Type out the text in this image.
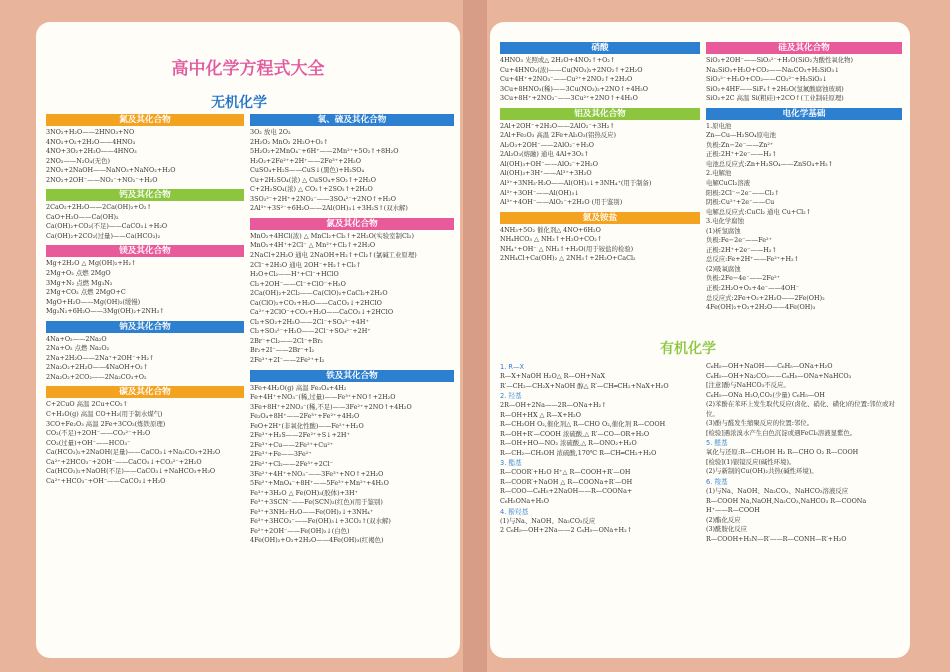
高中化学方程式大全
无机化学
氮及其化合物
3NO₂+H₂O——2HNO₃+NO
4NO₂+O₂+2H₂O——4HNO₃
4NO+3O₂+2H₂O——4HNO₃
2NO₂——N₂O₄(无色)
2NO₂+2NaOH——NaNO₃+NaNO₂+H₂O
2NO₂+2OH⁻——NO₃⁻+NO₂⁻+H₂O
钙及其化合物
2CaO₂+2H₂O——2Ca(OH)₂+O₂↑
CaO+H₂O——Ca(OH)₂
Ca(OH)₂+CO₂(不足)——CaCO₃↓+H₂O
Ca(OH)₂+2CO₂(过量)——Ca(HCO₃)₂
镁及其化合物
Mg+2H₂O △ Mg(OH)₂+H₂↑
2Mg+O₂ 点燃 2MgO
3Mg+N₂ 点燃 Mg₃N₂
2Mg+CO₂ 点燃 2MgO+C
MgO+H₂O——Mg(OH)₂(缓慢)
Mg₃N₂+6H₂O——3Mg(OH)₂+2NH₃↑
钠及其化合物
4Na+O₂——2Na₂O
2Na+O₂ 点燃 Na₂O₂
2Na+2H₂O——2Na⁺+2OH⁻+H₂↑
2Na₂O₂+2H₂O——4NaOH+O₂↑
2Na₂O₂+2CO₂——2Na₂CO₃+O₂
碳及其化合物
C+2CuO 高温 2Cu+CO₂↑
C+H₂O(g) 高温 CO+H₂(用于制水煤气)
3CO+Fe₂O₃ 高温 2Fe+3CO₂(炼铁原理)
CO₂(不足)+2OH⁻——CO₃²⁻+H₂O
CO₂(过量)+OH⁻——HCO₃⁻
Ca(HCO₃)₂+2NaOH(足量)——CaCO₃↓+Na₂CO₃+2H₂O
Ca²⁺+2HCO₃⁻+2OH⁻——CaCO₃↓+CO₃²⁻+2H₂O
Ca(HCO₃)₂+NaOH(不足)——CaCO₃↓+NaHCO₃+H₂O
Ca²⁺+HCO₃⁻+OH⁻——CaCO₃↓+H₂O
氧、硫及其化合物
3O₂ 放电 2O₃
2H₂O₂ MnO₂ 2H₂O+O₂↑
5H₂O₂+2MnO₄⁻+6H⁺——2Mn²⁺+5O₂↑+8H₂O
H₂O₂+2Fe²⁺+2H⁺——2Fe³⁺+2H₂O
CuSO₄+H₂S——CuS↓(黑色)+H₂SO₄
Cu+2H₂SO₄(浓) △ CuSO₄+SO₂↑+2H₂O
C+2H₂SO₄(浓) △ CO₂↑+2SO₂↑+2H₂O
3SO₃²⁻+2H⁺+2NO₃⁻——3SO₄²⁻+2NO↑+H₂O
2Al³⁺+3S²⁻+6H₂O——2Al(OH)₃↓+3H₂S↑(双水解)
氯及其化合物
MnO₂+4HCl(浓) △ MnCl₂+Cl₂↑+2H₂O(实验室制Cl₂)
MnO₂+4H⁺+2Cl⁻ △ Mn²⁺+Cl₂↑+2H₂O
2NaCl+2H₂O 通电 2NaOH+H₂↑+Cl₂↑(氯碱工业原理)
2Cl⁻+2H₂O 通电 2OH⁻+H₂↑+Cl₂↑
H₂O+Cl₂——H⁺+Cl⁻+HClO
Cl₂+2OH⁻——Cl⁻+ClO⁻+H₂O
2Ca(OH)₂+2Cl₂——Ca(ClO)₂+CaCl₂+2H₂O
Ca(ClO)₂+CO₂+H₂O——CaCO₃↓+2HClO
Ca²⁺+2ClO⁻+CO₂+H₂O——CaCO₃↓+2HClO
Cl₂+SO₂+2H₂O——2Cl⁻+SO₄²⁻+4H⁺
Cl₂+SO₃²⁻+H₂O——2Cl⁻+SO₄²⁻+2H⁺
2Br⁻+Cl₂——2Cl⁻+Br₂
Br₂+2I⁻——2Br⁻+I₂
2Fe³⁺+2I⁻——2Fe²⁺+I₂
铁及其化合物
3Fe+4H₂O(g) 高温 Fe₃O₄+4H₂
Fe+4H⁺+NO₃⁻(稀,过量)——Fe³⁺+NO↑+2H₂O
3Fe+8H⁺+2NO₃⁻(稀,不足)——3Fe²⁺+2NO↑+4H₂O
Fe₃O₄+8H⁺——2Fe³⁺+Fe²⁺+4H₂O
FeO+2H⁺(非氧化性酸)——Fe²⁺+H₂O
2Fe³⁺+H₂S——2Fe²⁺+S↓+2H⁺
2Fe³⁺+Cu——2Fe²⁺+Cu²⁺
2Fe³⁺+Fe——3Fe²⁺
2Fe²⁺+Cl₂——2Fe³⁺+2Cl⁻
3Fe²⁺+4H⁺+NO₃⁻——3Fe³⁺+NO↑+2H₂O
5Fe²⁺+MnO₄⁻+8H⁺——5Fe³⁺+Mn²⁺+4H₂O
Fe³⁺+3H₂O △ Fe(OH)₃(胶体)+3H⁺
Fe³⁺+3SCN⁻——Fe(SCN)₃(红色)(用于鉴别)
Fe³⁺+3NH₃·H₂O——Fe(OH)₃↓+3NH₄⁺
Fe³⁺+3HCO₃⁻——Fe(OH)₃↓+3CO₂↑(双水解)
Fe²⁺+2OH⁻——Fe(OH)₂↓(白色)
4Fe(OH)₂+O₂+2H₂O——4Fe(OH)₃(红褐色)
硝酸
4HNO₃ 光照或△ 2H₂O+4NO₂↑+O₂↑
Cu+4HNO₃(浓)——Cu(NO₃)₂+2NO₂↑+2H₂O
Cu+4H⁺+2NO₃⁻——Cu²⁺+2NO₂↑+2H₂O
3Cu+8HNO₃(稀)——3Cu(NO₃)₂+2NO↑+4H₂O
3Cu+8H⁺+2NO₃⁻——3Cu²⁺+2NO↑+4H₂O
铝及其化合物
2Al+2OH⁻+2H₂O——2AlO₂⁻+3H₂↑
2Al+Fe₂O₃ 高温 2Fe+Al₂O₃(铝热反应)
Al₂O₃+2OH⁻——2AlO₂⁻+H₂O
2Al₂O₃(熔融) 通电 4Al+3O₂↑
Al(OH)₃+OH⁻——AlO₂⁻+2H₂O
Al(OH)₃+3H⁺——Al³⁺+3H₂O
Al³⁺+3NH₃·H₂O——Al(OH)₃↓+3NH₄⁺(用于制备)
Al³⁺+3OH⁻——Al(OH)₃↓
Al³⁺+4OH⁻——AlO₂⁻+2H₂O (用于鉴别)
氨及铵盐
4NH₃+5O₂ 催化剂△ 4NO+6H₂O
NH₄HCO₃ △ NH₃↑+H₂O+CO₂↑
NH₄⁺+OH⁻ △ NH₃↑+H₂O(用于铵盐的检验)
2NH₄Cl+Ca(OH)₂ △ 2NH₃↑+2H₂O+CaCl₂
硅及其化合物
SiO₂+2OH⁻——SiO₃²⁻+H₂O(SiO₂为酸性氧化物)
Na₂SiO₃+H₂O+CO₂——Na₂CO₃+H₂SiO₃↓
SiO₃²⁻+H₂O+CO₂——CO₃²⁻+H₂SiO₃↓
SiO₂+4HF——SiF₄↑+2H₂O(氢氟酸腐蚀玻璃)
SiO₂+2C 高温 Si(粗硅)+2CO↑(工业制硅原理)
电化学基础
1.原电池
Zn—Cu—H₂SO₄原电池
负极:Zn−2e⁻——Zn²⁺
正极:2H⁺+2e⁻——H₂↑
电池总反应式:Zn+H₂SO₄——ZnSO₄+H₂↑
2.电解池
电解CuCl₂溶液
阳极:2Cl⁻−2e⁻——Cl₂↑
阴极:Cu²⁺+2e⁻——Cu
电解总反应式:CuCl₂ 通电 Cu+Cl₂↑
3.电化学腐蚀
(1)析氢腐蚀
负极:Fe−2e⁻——Fe²⁺
正极:2H⁺+2e⁻——H₂↑
总反应:Fe+2H⁺——Fe²⁺+H₂↑
(2)吸氧腐蚀
负极:2Fe−4e⁻——2Fe²⁺
正极:2H₂O+O₂+4e⁻——4OH⁻
总反应式:2Fe+O₂+2H₂O——2Fe(OH)₂
4Fe(OH)₂+O₂+2H₂O——4Fe(OH)₃
有机化学
1. R—X
R—X+NaOH H₂O△ R—OH+NaX
R′—CH₂—CH₂X+NaOH 醇△ R′—CH═CH₂+NaX+H₂O
2. 羟基
2R—OH+2Na——2R—ONa+H₂↑
R—OH+HX △ R—X+H₂O
R—CH₂OH O₂,催化剂△ R—CHO O₂,催化剂 R—COOH
R—OH+R′—COOH 浓硫酸,△ R′—CO—OR+H₂O
R—OH+HO—NO₂ 浓硫酸,△ R—ONO₂+H₂O
R—CH₂—CH₂OH 浓硫酸,170℃ R—CH═CH₂+H₂O
3. 酯基
R—COOR′+H₂O H⁺△ R—COOH+R′—OH
R—COOR′+NaOH △ R—COONa+R′—OH
R—COO—C₆H₅+2NaOH——R—COONa+
C₆H₅ONa+H₂O
4. 酚羟基
(1)与Na、NaOH、Na₂CO₃反应
2 C₆H₅—OH+2Na——2 C₆H₅—ONa+H₂↑
C₆H₅—OH+NaOH——C₆H₅—ONa+H₂O
C₆H₅—OH+Na₂CO₃——C₆H₅—ONa+NaHCO₃
[注意]酚与NaHCO₃不反应。
C₆H₅—ONa H₂O,CO₂(少量) C₆H₅—OH
(2)苯酚在苯环上发生取代反应(卤化、硝化、磺化)的位置:邻位或对位。
(3)酚与醛发生缩聚反应的位置:邻位。
[检验]遇浓溴水产生白色沉淀或遇FeCl₃溶液显紫色。
5. 醛基
氧化与还原:R—CH₂OH H₂ R—CHO O₂ R—COOH
[检验](1)银镜反应(碱性环境)。
(2)与新制的Cu(OH)₂共热(碱性环境)。
6. 羧基
(1)与Na、NaOH、Na₂CO₃、NaHCO₃溶液反应
R—COOH Na,NaOH,Na₂CO₃,NaHCO₃ R—COONa
H⁺——R—COOH
(2)酯化反应
(3)酰胺化反应
R—COOH+H₂N—R′——R—CONH—R′+H₂O
